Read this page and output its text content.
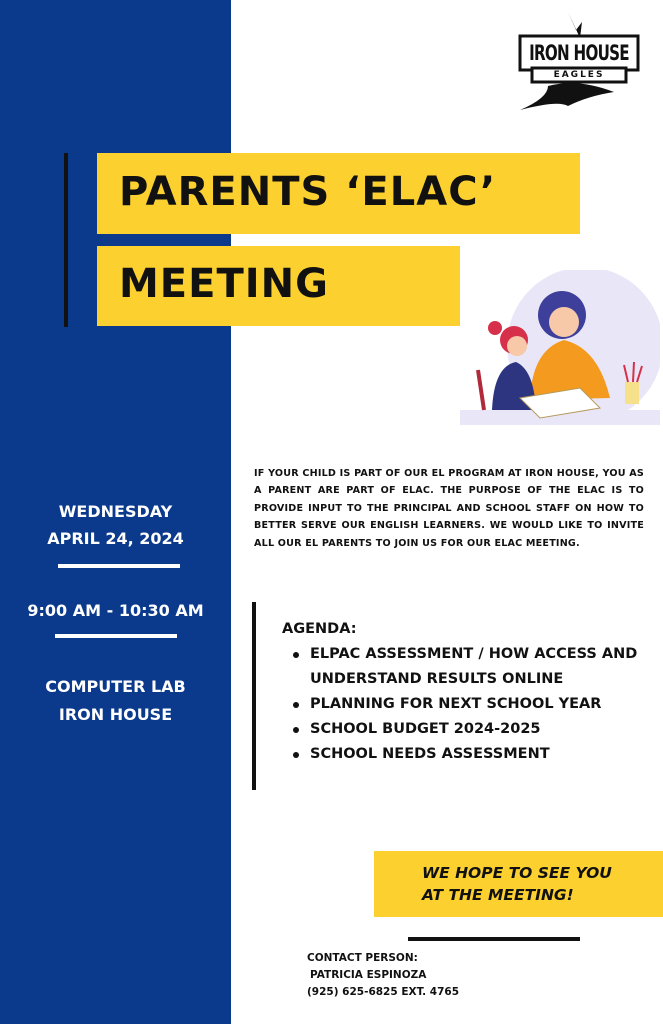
WEDNESDAY
APRIL 24, 2024
9:00 AM - 10:30 AM
COMPUTER LAB
IRON HOUSE
IRON HOUSE
EAGLES
PARENTS ‘ELAC’
MEETING
IF YOUR CHILD IS PART OF OUR EL PROGRAM AT IRON HOUSE, YOU AS A PARENT ARE PART OF ELAC. THE PURPOSE OF THE ELAC IS TO PROVIDE INPUT TO THE PRINCIPAL AND SCHOOL STAFF ON HOW TO BETTER SERVE OUR ENGLISH LEARNERS. WE WOULD LIKE TO INVITE ALL OUR EL PARENTS TO JOIN US FOR OUR ELAC MEETING.
AGENDA:
ELPAC ASSESSMENT / HOW ACCESS AND UNDERSTAND RESULTS ONLINE
PLANNING FOR NEXT SCHOOL YEAR
SCHOOL BUDGET 2024-2025
SCHOOL NEEDS ASSESSMENT
WE HOPE TO SEE YOU
AT THE MEETING!
CONTACT PERSON:
PATRICIA ESPINOZA
(925) 625-6825 EXT. 4765
